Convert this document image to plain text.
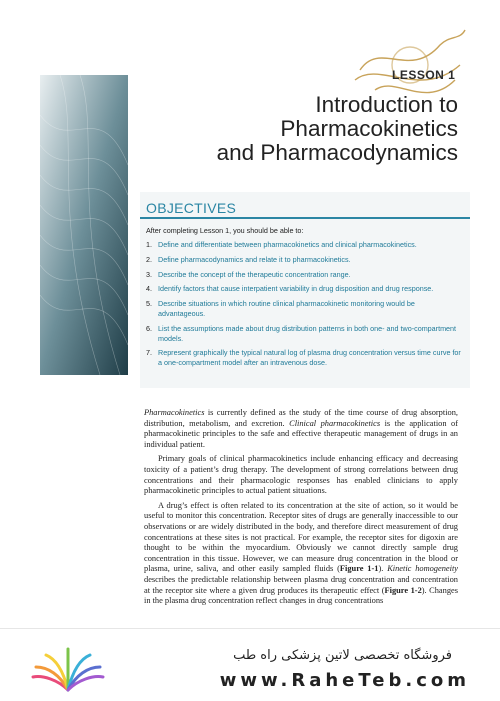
LESSON 1
Introduction to
Pharmacokinetics
and Pharmacodynamics
OBJECTIVES
After completing Lesson 1, you should be able to:
1. Define and differentiate between pharmacokinetics and clinical pharmacokinetics.
2. Define pharmacodynamics and relate it to pharmacokinetics.
3. Describe the concept of the therapeutic concentration range.
4. Identify factors that cause interpatient variability in drug disposition and drug response.
5. Describe situations in which routine clinical pharmacokinetic monitoring would be advantageous.
6. List the assumptions made about drug distribution patterns in both one- and two-compartment models.
7. Represent graphically the typical natural log of plasma drug concentration versus time curve for a one-compartment model after an intravenous dose.

Pharmacokinetics is currently defined as the study of the time course of drug absorption, distribution, metabolism, and excretion. Clinical pharmacokinetics is the application of pharmacokinetic principles to the safe and effective therapeutic management of drugs in an individual patient.

Primary goals of clinical pharmacokinetics include enhancing efficacy and decreasing toxicity of a patient’s drug therapy. The development of strong correlations between drug concentrations and their pharmacologic responses has enabled clinicians to apply pharmacokinetic principles to actual patient situations.

A drug’s effect is often related to its concentration at the site of action, so it would be useful to monitor this concentration. Receptor sites of drugs are generally inaccessible to our observations or are widely distributed in the body, and therefore direct measurement of drug concentrations at these sites is not practical. For example, the receptor sites for digoxin are thought to be within the myocardium. Obviously we cannot directly sample drug concentration in this tissue. However, we can measure drug concentration in the blood or plasma, urine, saliva, and other easily sampled fluids (Figure 1-1). Kinetic homogeneity describes the predictable relationship between plasma drug concentration and concentration at the receptor site where a given drug produces its therapeutic effect (Figure 1-2). Changes in the plasma drug concentration reflect changes in drug concentrations

فروشگاه تخصصی لاتین پزشکی راه طب
www.RaheTeb.com
